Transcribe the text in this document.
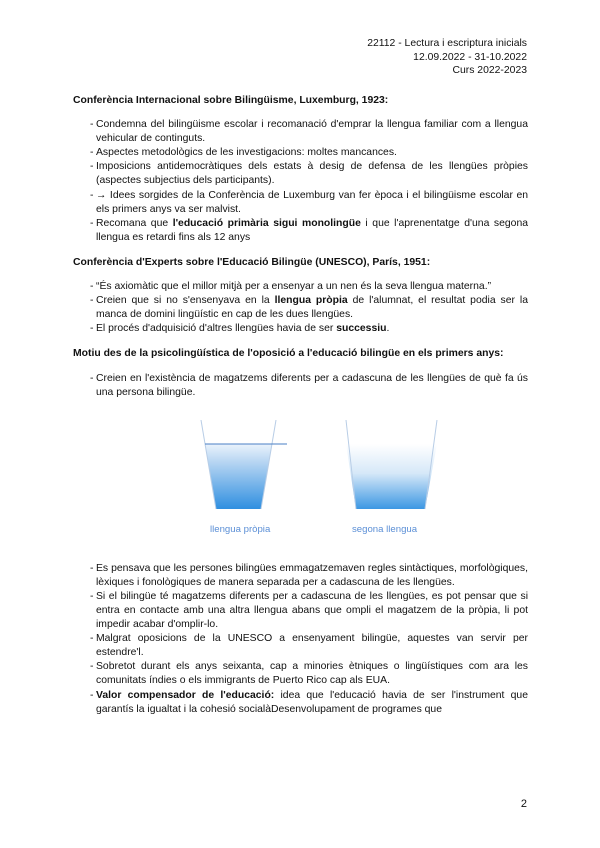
22112 - Lectura i escriptura inicials
12.09.2022 - 31-10.2022
Curs 2022-2023

Conferència Internacional sobre Bilingüisme, Luxemburg, 1923:

- Condemna del bilingüisme escolar i recomanació d'emprar la llengua familiar com a llengua vehicular de continguts.
- Aspectes metodològics de les investigacions: moltes mancances.
- Imposicions antidemocràtiques dels estats à desig de defensa de les llengües pròpies (aspectes subjectius dels participants).
- → Idees sorgides de la Conferència de Luxemburg van fer època i el bilingüisme escolar en els primers anys va ser malvist.
- Recomana que l'educació primària sigui monolingüe i que l'aprenentatge d'una segona llengua es retardi fins als 12 anys

Conferència d'Experts sobre l'Educació Bilingüe (UNESCO), París, 1951:

- “És axiomàtic que el millor mitjà per a ensenyar a un nen és la seva llengua materna.”
- Creien que si no s'ensenyava en la llengua pròpia de l'alumnat, el resultat podia ser la manca de domini lingüístic en cap de les dues llengües.
- El procés d'adquisició d'altres llengües havia de ser successiu.

Motiu des de la psicolingüística de l'oposició a l'educació bilingüe en els primers anys:

- Creien en l'existència de magatzems diferents per a cadascuna de les llengües de què fa ús una persona bilingüe.
llengua pròpia	segona llengua
- Es pensava que les persones bilingües emmagatzemaven regles sintàctiques, morfològiques, lèxiques i fonològiques de manera separada per a cadascuna de les llengües.
- Si el bilingüe té magatzems diferents per a cadascuna de les llengües, es pot pensar que si entra en contacte amb una altra llengua abans que ompli el magatzem de la pròpia, li pot impedir acabar d'omplir-lo.
- Malgrat oposicions de la UNESCO a ensenyament bilingüe, aquestes van servir per estendre'l.
- Sobretot durant els anys seixanta, cap a minories ètniques o lingüístiques com ara les comunitats índies o els immigrants de Puerto Rico cap als EUA.
- Valor compensador de l'educació: idea que l'educació havia de ser l'instrument que garantís la igualtat i la cohesió socialàDesenvolupament de programes que
2
